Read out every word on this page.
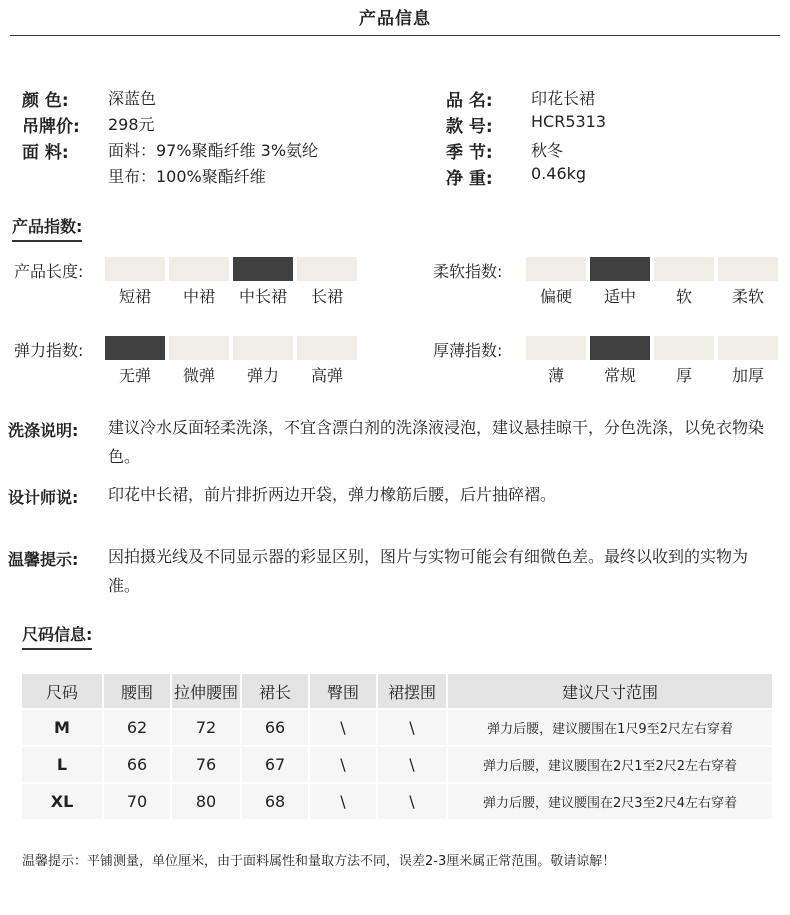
产品信息
颜 色:	深蓝色
吊牌价:	298元
面 料:	面料：97%聚酯纤维 3%氨纶
里布：100%聚酯纤维
品 名:	印花长裙
款 号:	HCR5313
季 节:	秋冬
净 重:	0.46kg
产品指数:
产品长度:
短裙	中裙	中长裙	长裙
柔软指数:
偏硬	适中	软	柔软
弹力指数:
无弹	微弹	弹力	高弹
厚薄指数:
薄	常规	厚	加厚
洗涤说明:	建议冷水反面轻柔洗涤，不宜含漂白剂的洗涤液浸泡，建议悬挂晾干，分色洗涤，以免衣物染色。
设计师说:	印花中长裙，前片排折两边开袋，弹力橡筋后腰，后片抽碎褶。
温馨提示:	因拍摄光线及不同显示器的彩显区别，图片与实物可能会有细微色差。最终以收到的实物为准。
尺码信息:
尺码	腰围	拉伸腰围	裙长	臀围	裙摆围	建议尺寸范围
M	62	72	66	\	\	弹力后腰，建议腰围在1尺9至2尺左右穿着
L	66	76	67	\	\	弹力后腰，建议腰围在2尺1至2尺2左右穿着
XL	70	80	68	\	\	弹力后腰，建议腰围在2尺3至2尺4左右穿着
温馨提示：平铺测量，单位厘米，由于面料属性和量取方法不同，误差2-3厘米属正常范围。敬请谅解！
